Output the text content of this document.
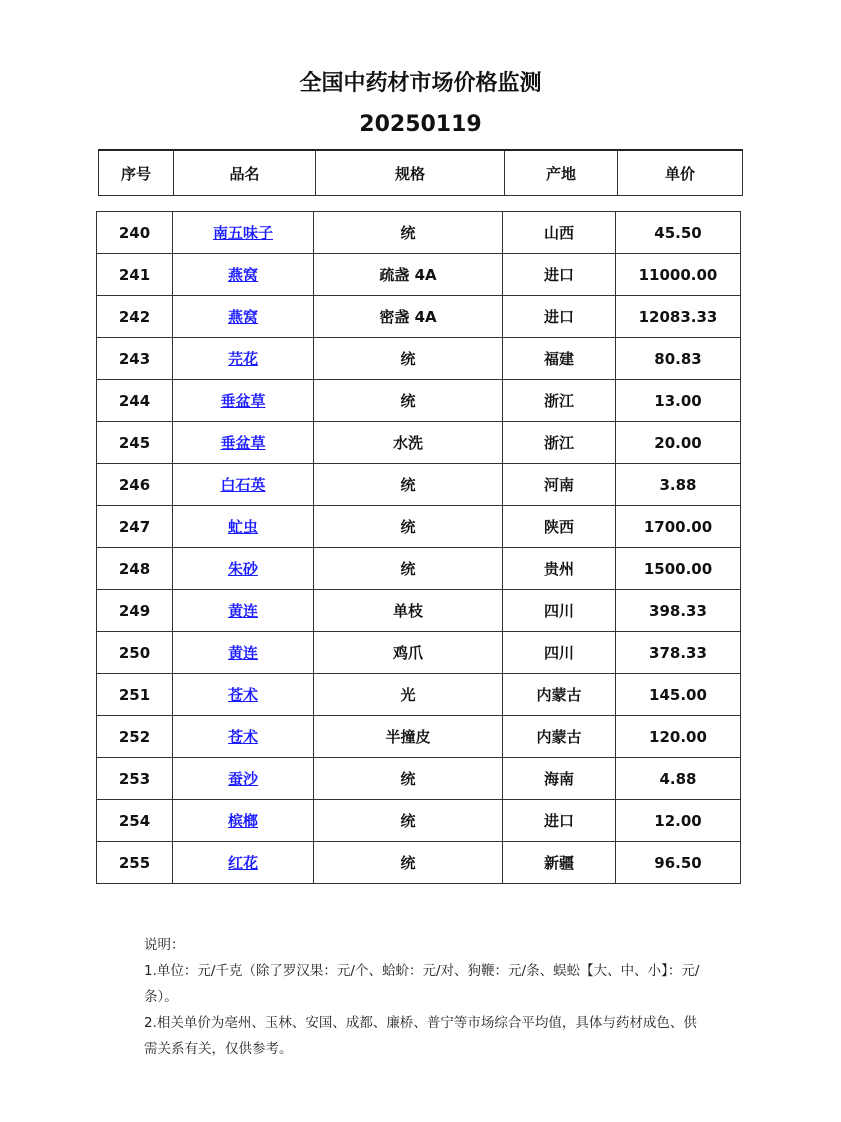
全国中药材市场价格监测
20250119
序号	品名	规格	产地	单价
240	南五味子	统	山西	45.50
241	燕窝	疏盏 4A	进口	11000.00
242	燕窝	密盏 4A	进口	12083.33
243	芫花	统	福建	80.83
244	垂盆草	统	浙江	13.00
245	垂盆草	水洗	浙江	20.00
246	白石英	统	河南	3.88
247	虻虫	统	陕西	1700.00
248	朱砂	统	贵州	1500.00
249	黄连	单枝	四川	398.33
250	黄连	鸡爪	四川	378.33
251	苍术	光	内蒙古	145.00
252	苍术	半撞皮	内蒙古	120.00
253	蚕沙	统	海南	4.88
254	槟榔	统	进口	12.00
255	红花	统	新疆	96.50

说明：

1.单位：元/千克（除了罗汉果：元/个、蛤蚧：元/对、狗鞭：元/条、蜈蚣【大、中、小】：元/条）。

2.相关单价为亳州、玉林、安国、成都、廉桥、普宁等市场综合平均值，具体与药材成色、供需关系有关，仅供参考。
